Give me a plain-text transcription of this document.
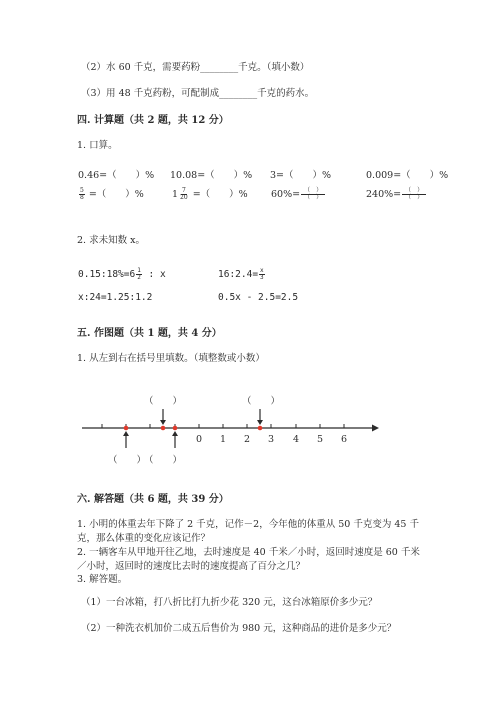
（2）水 60 千克，需要药粉________千克。（填小数）
（3）用 48 千克药粉，可配制成________千克的药水。
四. 计算题（共 2 题，共 12 分）
1. 口算。
0.46=（　　）% 10.08=（　　）% 3=（　　）%	0.009=（　　）%
$\frac{5}{8}$ =（　　）%	$1 \frac{7}{20}$ =（　　）% $60\%= \frac{( )}{( )}$	$240\%= \frac{( )}{( )}$
2. 求未知数 x。
0.15:18%=6 $\frac{1}{2}$ : x	16:2.4= $\frac{x}{3}$
x:24=1.25:1.2	0.5x - 2.5=2.5
五. 作图题（共 1 题，共 4 分）
1. 从左到右在括号里填数。（填整数或小数）
（　　）	（　　）
0 1 2 3 4 5 6
（　　）
（　　）
六. 解答题（共 6 题，共 39 分）
1. 小明的体重去年下降了 2 千克，记作－2，今年他的体重从 50 千克变为 45 千
克，那么体重的变化应该记作？
2. 一辆客车从甲地开往乙地，去时速度是 40 千米／小时，返回时速度是 60 千米
／小时，返回时的速度比去时的速度提高了百分之几？
3. 解答题。
（1）一台冰箱，打八折比打九折少花 320 元，这台冰箱原价多少元？
（2）一种洗衣机加价二成五后售价为 980 元，这种商品的进价是多少元？
